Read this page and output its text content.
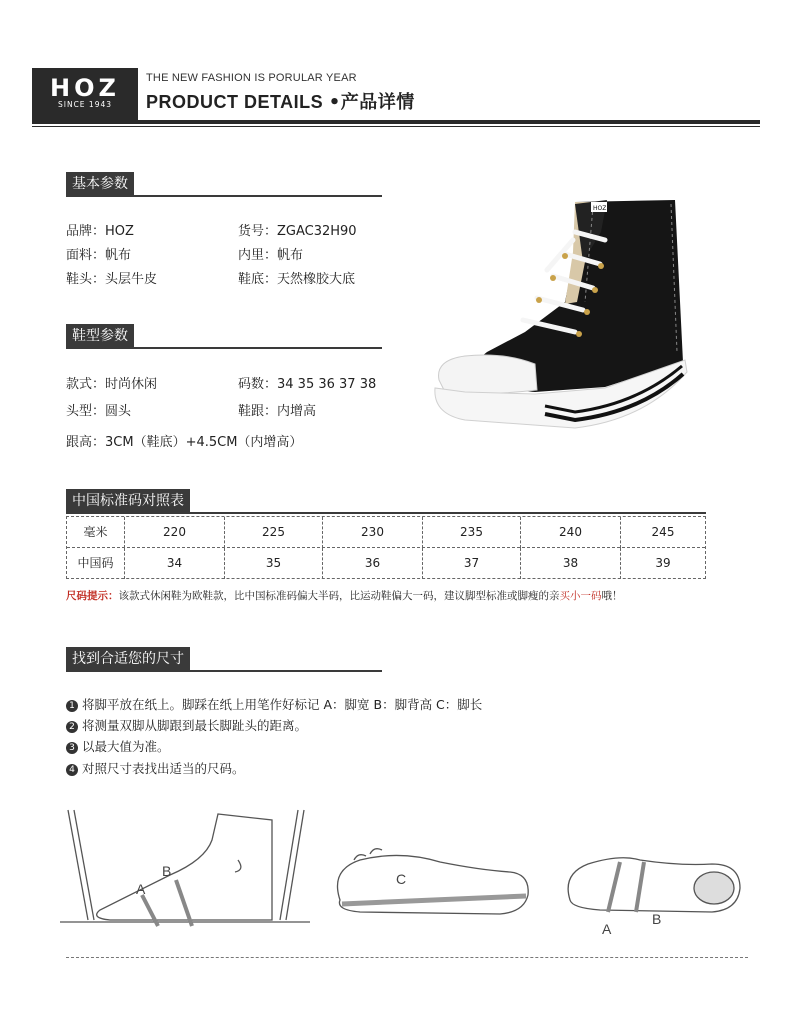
HOZ
SINCE 1943
THE NEW FASHION IS PORULAR YEAR
PRODUCT DETAILS •产品详情
基本参数
品牌：HOZ	货号：ZGAC32H90
面料：帆布	内里：帆布
鞋头：头层牛皮	鞋底：天然橡胶大底
鞋型参数
款式：时尚休闲	码数：34 35 36 37 38
头型：圆头	鞋跟：内增高
跟高：3CM（鞋底）+4.5CM（内增高）
HOZ
中国标准码对照表
毫米	220	225	230	235	240	245
中国码	34	35	36	37	38	39
尺码提示：该款式休闲鞋为欧鞋款，比中国标准码偏大半码，比运动鞋偏大一码，建议脚型标准或脚瘦的亲买小一码哦！
找到合适您的尺寸
1 将脚平放在纸上。脚踩在纸上用笔作好标记 A：脚宽 B：脚背高 C：脚长
2 将测量双脚从脚跟到最长脚趾头的距离。
3 以最大值为准。
4 对照尺寸表找出适当的尺码。
A
B	C
A
B
